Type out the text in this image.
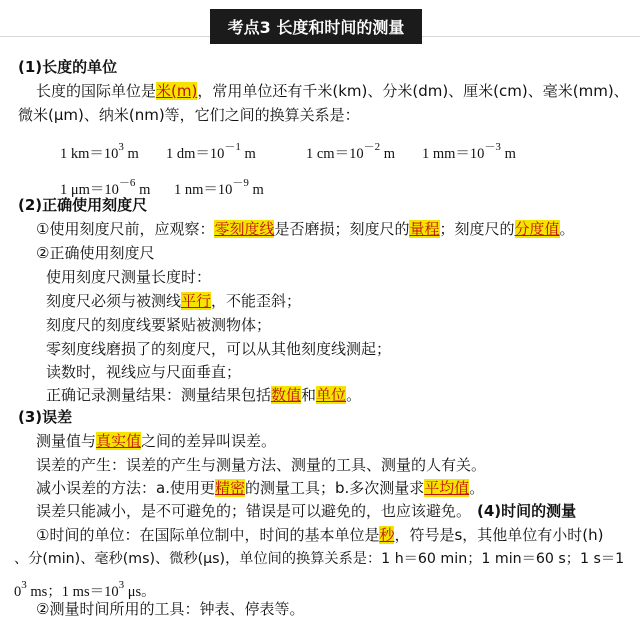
考点3 长度和时间的测量
(1)长度的单位
长度的国际单位是米(m)，常用单位还有千米(km)、分米(dm)、厘米(cm)、毫米(mm)、
微米(μm)、纳米(nm)等，它们之间的换算关系是：
1 $km=10^3$ m 1 $dm=10^{-1}$ m	1 $cm=10^{-2}$ m 1 $mm=10^{-3}$ m
1 $\mu m=10^{-6}$ m 1 $nm=10^{-9}$ m
(2)正确使用刻度尺
①使用刻度尺前，应观察：零刻度线是否磨损；刻度尺的量程；刻度尺的分度值。
②正确使用刻度尺
使用刻度尺测量长度时：
刻度尺必须与被测线平行，不能歪斜；
刻度尺的刻度线要紧贴被测物体；
零刻度线磨损了的刻度尺，可以从其他刻度线测起；
读数时，视线应与尺面垂直；
正确记录测量结果：测量结果包括数值和单位。
(3)误差
测量值与真实值之间的差异叫误差。
误差的产生：误差的产生与测量方法、测量的工具、测量的人有关。
减小误差的方法：a.使用更精密的测量工具；b.多次测量求平均值。
误差只能减小，是不可避免的；错误是可以避免的，也应该避免。 (4)时间的测量
①时间的单位：在国际单位制中，时间的基本单位是秒，符号是s，其他单位有小时(h)
、分(min)、毫秒(ms)、微秒(μs)，单位间的换算关系是：1 h＝60 min；1 min＝60 s；1 s＝1
$0^3$ ms；1 $ms=10^3$ μs。
②测量时间所用的工具：钟表、停表等。
